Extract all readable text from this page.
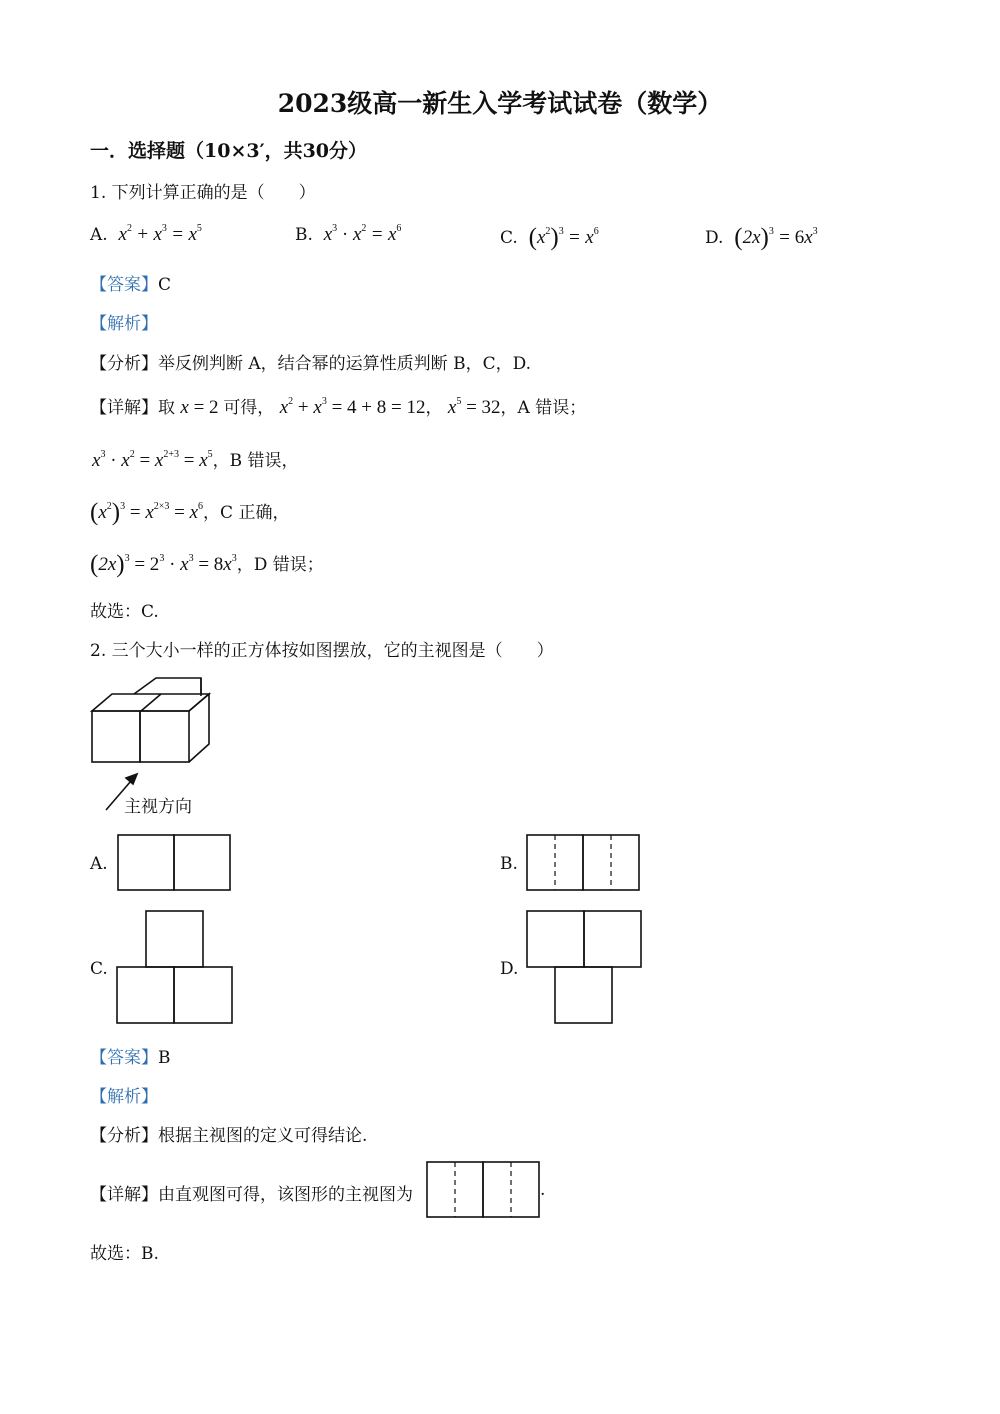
2023级高一新生入学考试试卷（数学）
一．选择题（10×3′，共30分）
1. 下列计算正确的是（　　）
A. $x^2 + x^3 = x^5$	B. $x^3 \cdot x^2 = x^6$	C. $(x^2)^3 = x^6$	D. $(2x)^3 = 6x^3$
【答案】C
【解析】
【分析】举反例判断 A，结合幂的运算性质判断 B，C，D.
【详解】取 x = 2 可得， $x^2 + x^3 = 4 + 8 = 12$， $x^5 = 32$，A 错误；
$x^3 \cdot x^2 = x^{2+3} = x^5$，B 错误，
$(x^2)^3 = x^{2\times 3} = x^6$，C 正确，
$(2x)^3 = 2^3 \cdot x^3 = 8x^3$，D 错误；
故选：C.
2. 三个大小一样的正方体按如图摆放，它的主视图是（　　）
主视方向
A.	B.
C.	D.
【答案】B
【解析】
【分析】根据主视图的定义可得结论.
【详解】由直观图可得，该图形的主视图为	.
故选：B.
